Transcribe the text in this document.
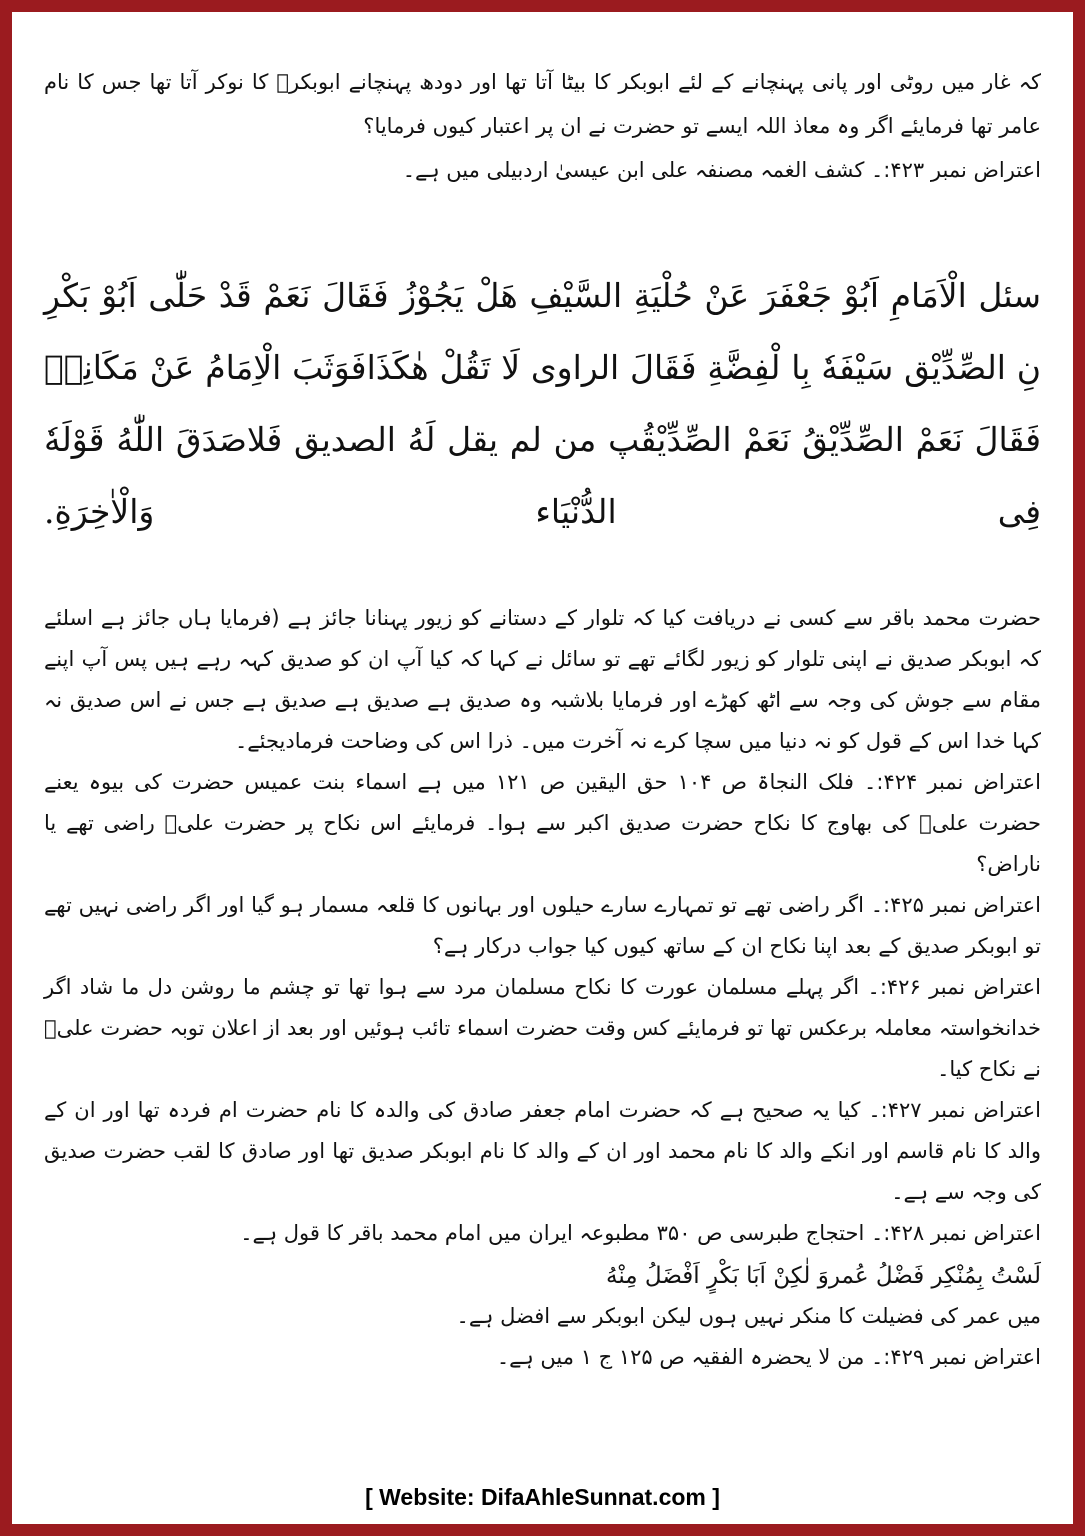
کہ غار میں روٹی اور پانی پہنچانے کے لئے ابوبکر کا بیٹا آتا تھا اور دودھ پہنچانے ابوبکرؓ کا نوکر آتا تھا جس کا نام عامر تھا فرمایئے اگر وہ معاذ اللہ ایسے تو حضرت نے ان پر اعتبار کیوں فرمایا؟

اعتراض نمبر ۴۲۳:۔ کشف الغمہ مصنفہ علی ابن عیسیٰ اردبیلی میں ہے۔

سئل الْاَمَامِ اَبُوْ جَعْفَرَ عَنْ حُلْيَةِ السَّيْفِ هَلْ يَجُوْزُ فَقَالَ نَعَمْ قَدْ حَلّٰى اَبُوْ بَكْرِ نِ الصِّدِّيْق سَيْفَهٗ بِا لْفِضَّةِ فَقَالَ الراوى لَا تَقُلْ هٰكَذَافَوَثَبَ الْاِمَامُ عَنْ مَكَانِهٖ فَقَالَ نَعَمْ الصِّدِّيْقُ نَعَمْ الصِّدِّيْقُپ من لم يقل لَهُ الصديق فَلاصَدَقَ اللّٰهُ قَوْلَهٗ فِى الدُّنْيَاء وَالْاٰخِرَةِ.

حضرت محمد باقر سے کسی نے دریافت کیا کہ تلوار کے دستانے کو زیور پہنانا جائز ہے (فرمایا ہاں جائز ہے اسلئے کہ ابوبکر صدیق نے اپنی تلوار کو زیور لگائے تھے تو سائل نے کہا کہ کیا آپ ان کو صدیق کہہ رہے ہیں پس آپ اپنے مقام سے جوش کی وجہ سے اٹھ کھڑے اور فرمایا بلاشبہ وہ صدیق ہے صدیق ہے صدیق ہے جس نے اس صدیق نہ کہا خدا اس کے قول کو نہ دنیا میں سچا کرے نہ آخرت میں۔ ذرا اس کی وضاحت فرمادیجئے۔

اعتراض نمبر ۴۲۴:۔ فلک النجاۃ ص ۱۰۴ حق الیقین ص ۱۲۱ میں ہے اسماء بنت عمیس حضرت کی بیوہ یعنے حضرت علیؓ کی بھاوج کا نکاح حضرت صدیق اکبر سے ہوا۔ فرمایئے اس نکاح پر حضرت علیؓ راضی تھے یا ناراض؟

اعتراض نمبر ۴۲۵:۔ اگر راضی تھے تو تمہارے سارے حیلوں اور بہانوں کا قلعہ مسمار ہو گیا اور اگر راضی نہیں تھے تو ابوبکر صدیق کے بعد اپنا نکاح ان کے ساتھ کیوں کیا جواب درکار ہے؟

اعتراض نمبر ۴۲۶:۔ اگر پہلے مسلمان عورت کا نکاح مسلمان مرد سے ہوا تھا تو چشم ما روشن دل ما شاد اگر خدانخواستہ معاملہ برعکس تھا تو فرمایئے کس وقت حضرت اسماء تائب ہوئیں اور بعد از اعلان توبہ حضرت علیؓ نے نکاح کیا۔

اعتراض نمبر ۴۲۷:۔ کیا یہ صحیح ہے کہ حضرت امام جعفر صادق کی والدہ کا نام حضرت ام فردہ تھا اور ان کے والد کا نام قاسم اور انکے والد کا نام محمد اور ان کے والد کا نام ابوبکر صدیق تھا اور صادق کا لقب حضرت صدیق کی وجہ سے ہے۔

اعتراض نمبر ۴۲۸:۔ احتجاج طبرسی ص ۳۵۰ مطبوعہ ایران میں امام محمد باقر کا قول ہے۔

لَسْتُ بِمُنْكِر فَضْلُ عُمروَ لٰكِنْ اَبَا بَكْرٍ اَفْضَلُ مِنْهُ

میں عمر کی فضیلت کا منکر نہیں ہوں لیکن ابوبکر سے افضل ہے۔

اعتراض نمبر ۴۲۹:۔ من لا یحضرہ الفقیہ ص ۱۲۵ ج ۱ میں ہے۔

[ Website: DifaAhleSunnat.com ]
